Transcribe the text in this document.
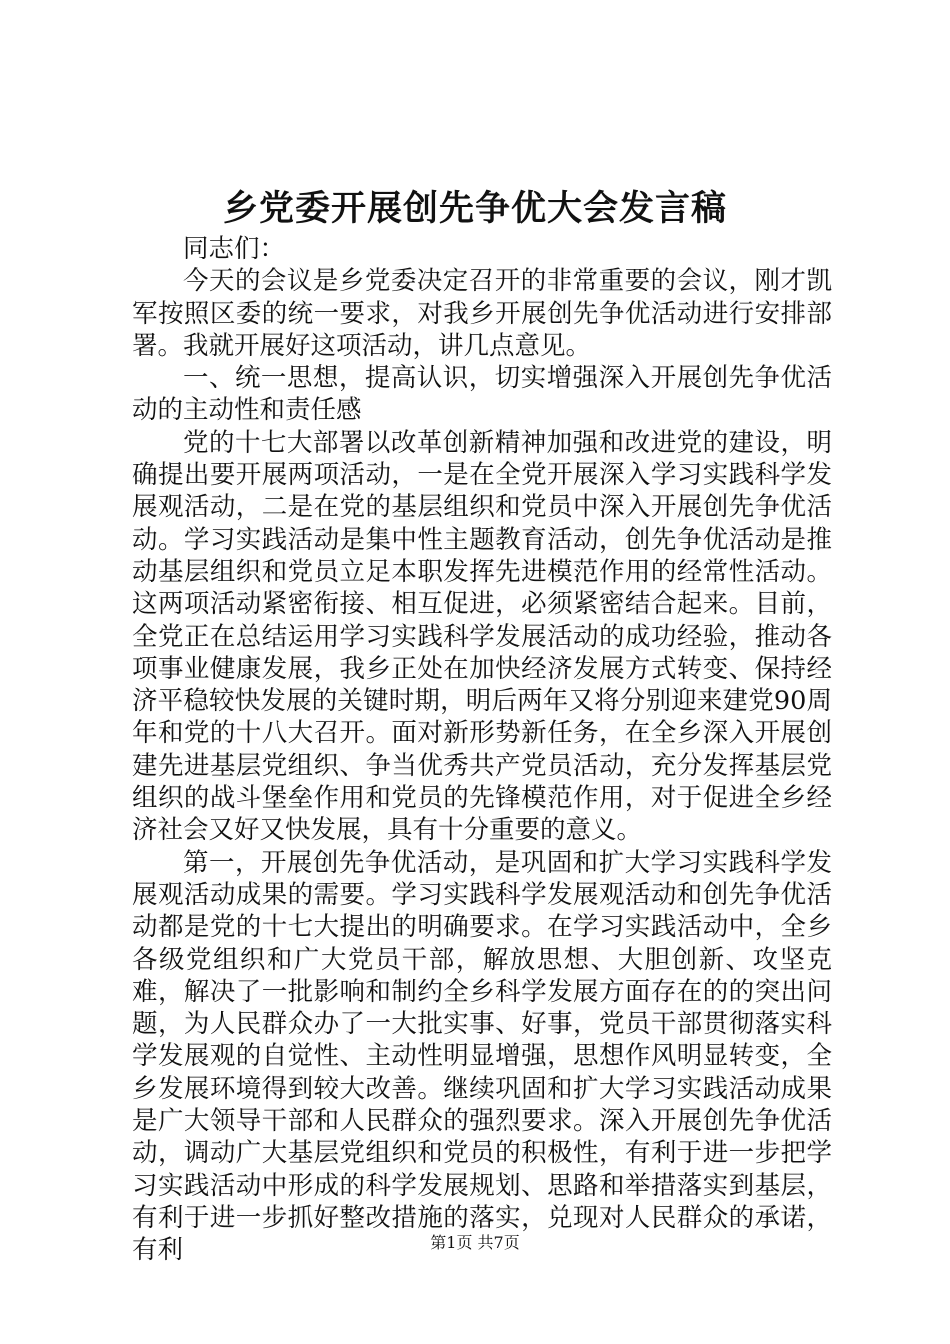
乡党委开展创先争优大会发言稿

同志们：

今天的会议是乡党委决定召开的非常重要的会议，刚才凯军按照区委的统一要求，对我乡开展创先争优活动进行安排部署。我就开展好这项活动，讲几点意见。

一、统一思想，提高认识，切实增强深入开展创先争优活动的主动性和责任感

党的十七大部署以改革创新精神加强和改进党的建设，明确提出要开展两项活动，一是在全党开展深入学习实践科学发展观活动，二是在党的基层组织和党员中深入开展创先争优活动。学习实践活动是集中性主题教育活动，创先争优活动是推动基层组织和党员立足本职发挥先进模范作用的经常性活动。这两项活动紧密衔接、相互促进，必须紧密结合起来。目前，全党正在总结运用学习实践科学发展活动的成功经验，推动各项事业健康发展，我乡正处在加快经济发展方式转变、保持经济平稳较快发展的关键时期，明后两年又将分别迎来建党90周年和党的十八大召开。面对新形势新任务，在全乡深入开展创建先进基层党组织、争当优秀共产党员活动，充分发挥基层党组织的战斗堡垒作用和党员的先锋模范作用，对于促进全乡经济社会又好又快发展，具有十分重要的意义。

第一，开展创先争优活动，是巩固和扩大学习实践科学发展观活动成果的需要。学习实践科学发展观活动和创先争优活动都是党的十七大提出的明确要求。在学习实践活动中，全乡各级党组织和广大党员干部，解放思想、大胆创新、攻坚克难，解决了一批影响和制约全乡科学发展方面存在的的突出问题，为人民群众办了一大批实事、好事，党员干部贯彻落实科学发展观的自觉性、主动性明显增强，思想作风明显转变，全乡发展环境得到较大改善。继续巩固和扩大学习实践活动成果是广大领导干部和人民群众的强烈要求。深入开展创先争优活动，调动广大基层党组织和党员的积极性，有利于进一步把学习实践活动中形成的科学发展规划、思路和举措落实到基层，有利于进一步抓好整改措施的落实，兑现对人民群众的承诺，有利	第1页 共7页
